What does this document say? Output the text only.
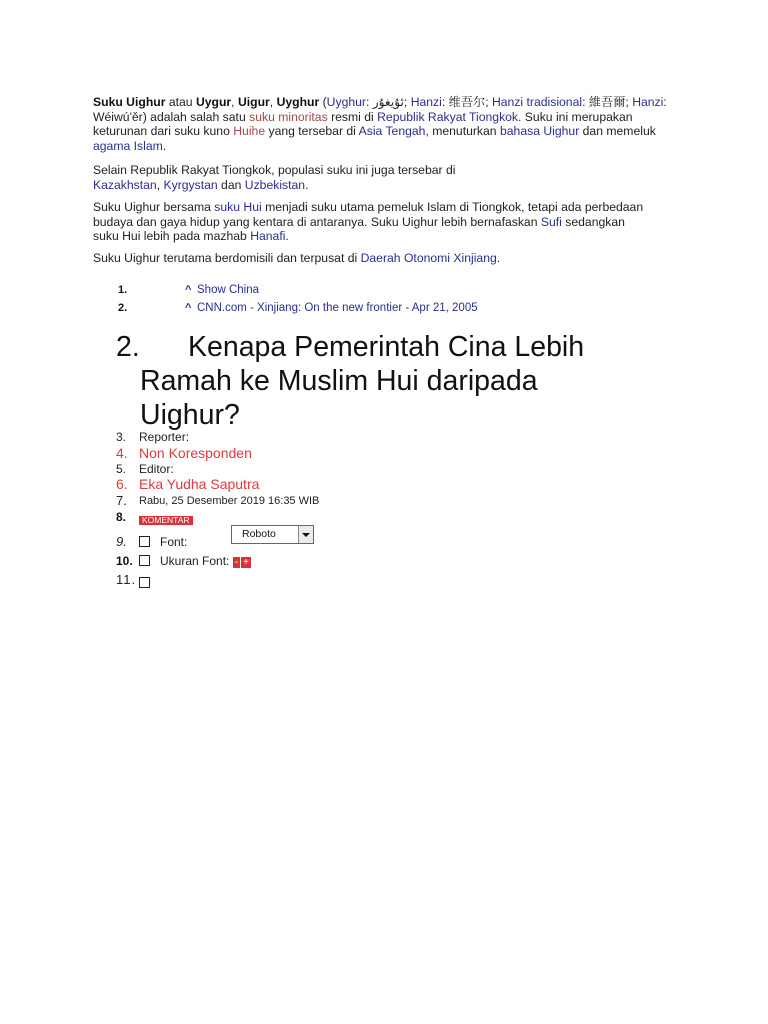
Suku Uighur atau Uygur, Uigur, Uyghur (Uyghur: ئۇيغۇر; Hanzi: 维吾尔; Hanzi tradisional: 維吾爾; Hanzi: Wéiwú'ěr) adalah salah satu suku minoritas resmi di Republik Rakyat Tiongkok. Suku ini merupakan keturunan dari suku kuno Huihe yang tersebar di Asia Tengah, menuturkan bahasa Uighur dan memeluk agama Islam.
Selain Republik Rakyat Tiongkok, populasi suku ini juga tersebar di Kazakhstan, Kyrgystan dan Uzbekistan.
Suku Uighur bersama suku Hui menjadi suku utama pemeluk Islam di Tiongkok, tetapi ada perbedaan budaya dan gaya hidup yang kentara di antaranya. Suku Uighur lebih bernafaskan Sufi sedangkan suku Hui lebih pada mazhab Hanafi.
Suku Uighur terutama berdomisili dan terpusat di Daerah Otonomi Xinjiang.
1.	^ Show China
2.	^ CNN.com - Xinjiang: On the new frontier - Apr 21, 2005
2.	Kenapa Pemerintah Cina Lebih Ramah ke Muslim Hui daripada Uighur?
3. Reporter:
4. Non Koresponden
5. Editor:
6. Eka Yudha Saputra
7. Rabu, 25 Desember 2019 16:35 WIB
8.	KOMENTAR
9.	Font:
10.	Ukuran Font: - +
11.
Roboto
